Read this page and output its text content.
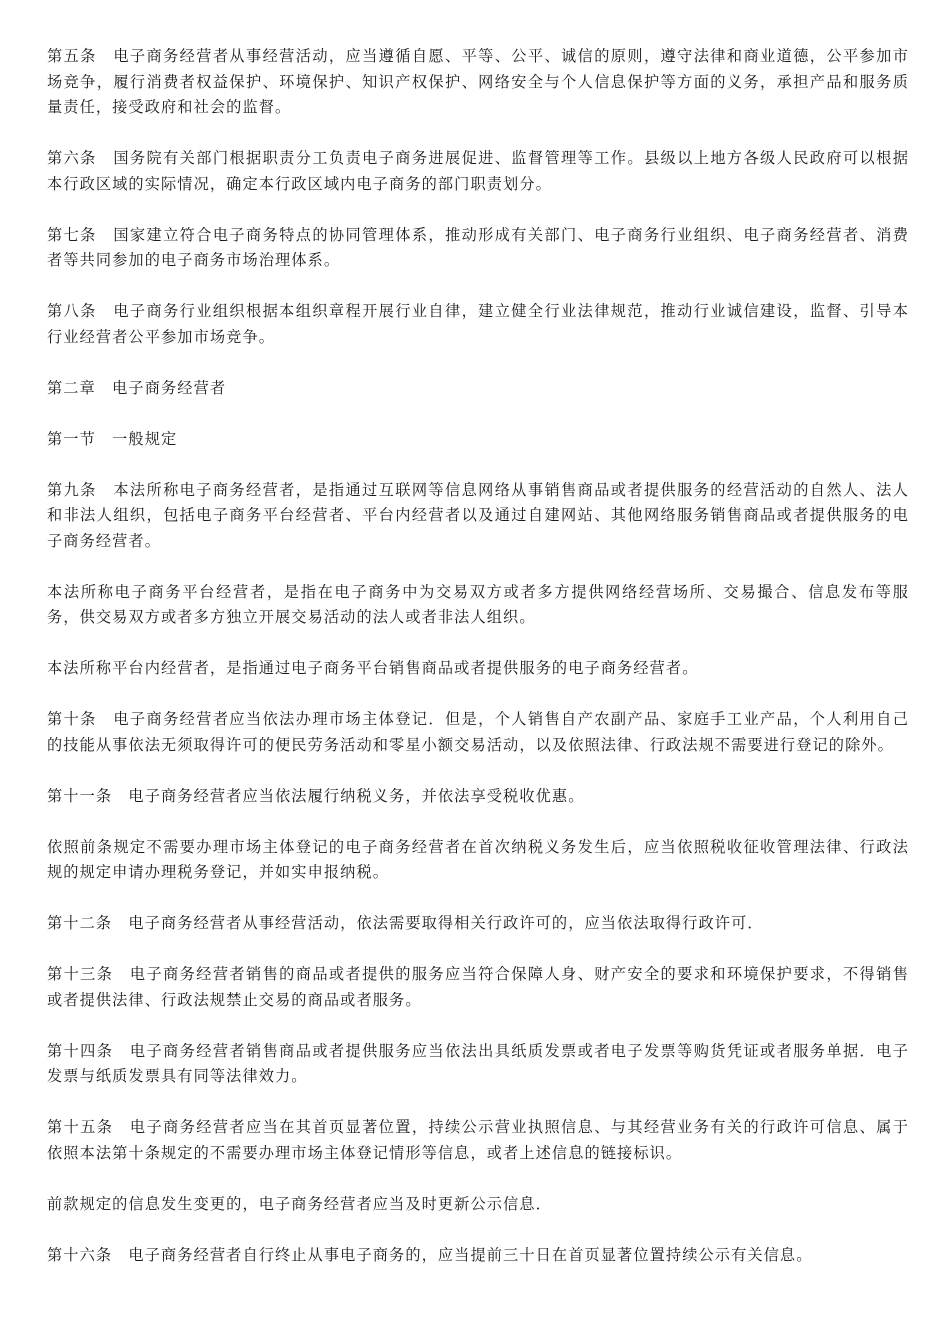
第五条　电子商务经营者从事经营活动，应当遵循自愿、平等、公平、诚信的原则，遵守法律和商业道德，公平参加市场竞争，履行消费者权益保护、环境保护、知识产权保护、网络安全与个人信息保护等方面的义务，承担产品和服务质量责任，接受政府和社会的监督。

第六条　国务院有关部门根据职责分工负责电子商务进展促进、监督管理等工作。县级以上地方各级人民政府可以根据本行政区域的实际情况，确定本行政区域内电子商务的部门职责划分。

第七条　国家建立符合电子商务特点的协同管理体系，推动形成有关部门、电子商务行业组织、电子商务经营者、消费者等共同参加的电子商务市场治理体系。

第八条　电子商务行业组织根据本组织章程开展行业自律，建立健全行业法律规范，推动行业诚信建设，监督、引导本行业经营者公平参加市场竞争。

第二章　电子商务经营者

第一节　一般规定

第九条　本法所称电子商务经营者，是指通过互联网等信息网络从事销售商品或者提供服务的经营活动的自然人、法人和非法人组织，包括电子商务平台经营者、平台内经营者以及通过自建网站、其他网络服务销售商品或者提供服务的电子商务经营者。

本法所称电子商务平台经营者，是指在电子商务中为交易双方或者多方提供网络经营场所、交易撮合、信息发布等服务，供交易双方或者多方独立开展交易活动的法人或者非法人组织。

本法所称平台内经营者，是指通过电子商务平台销售商品或者提供服务的电子商务经营者。

第十条　电子商务经营者应当依法办理市场主体登记．但是，个人销售自产农副产品、家庭手工业产品，个人利用自己的技能从事依法无须取得许可的便民劳务活动和零星小额交易活动，以及依照法律、行政法规不需要进行登记的除外。

第十一条　电子商务经营者应当依法履行纳税义务，并依法享受税收优惠。

依照前条规定不需要办理市场主体登记的电子商务经营者在首次纳税义务发生后，应当依照税收征收管理法律、行政法规的规定申请办理税务登记，并如实申报纳税。

第十二条　电子商务经营者从事经营活动，依法需要取得相关行政许可的，应当依法取得行政许可．

第十三条　电子商务经营者销售的商品或者提供的服务应当符合保障人身、财产安全的要求和环境保护要求，不得销售或者提供法律、行政法规禁止交易的商品或者服务。

第十四条　电子商务经营者销售商品或者提供服务应当依法出具纸质发票或者电子发票等购货凭证或者服务单据．电子发票与纸质发票具有同等法律效力。

第十五条　电子商务经营者应当在其首页显著位置，持续公示营业执照信息、与其经营业务有关的行政许可信息、属于依照本法第十条规定的不需要办理市场主体登记情形等信息，或者上述信息的链接标识。

前款规定的信息发生变更的，电子商务经营者应当及时更新公示信息．

第十六条　电子商务经营者自行终止从事电子商务的，应当提前三十日在首页显著位置持续公示有关信息。
